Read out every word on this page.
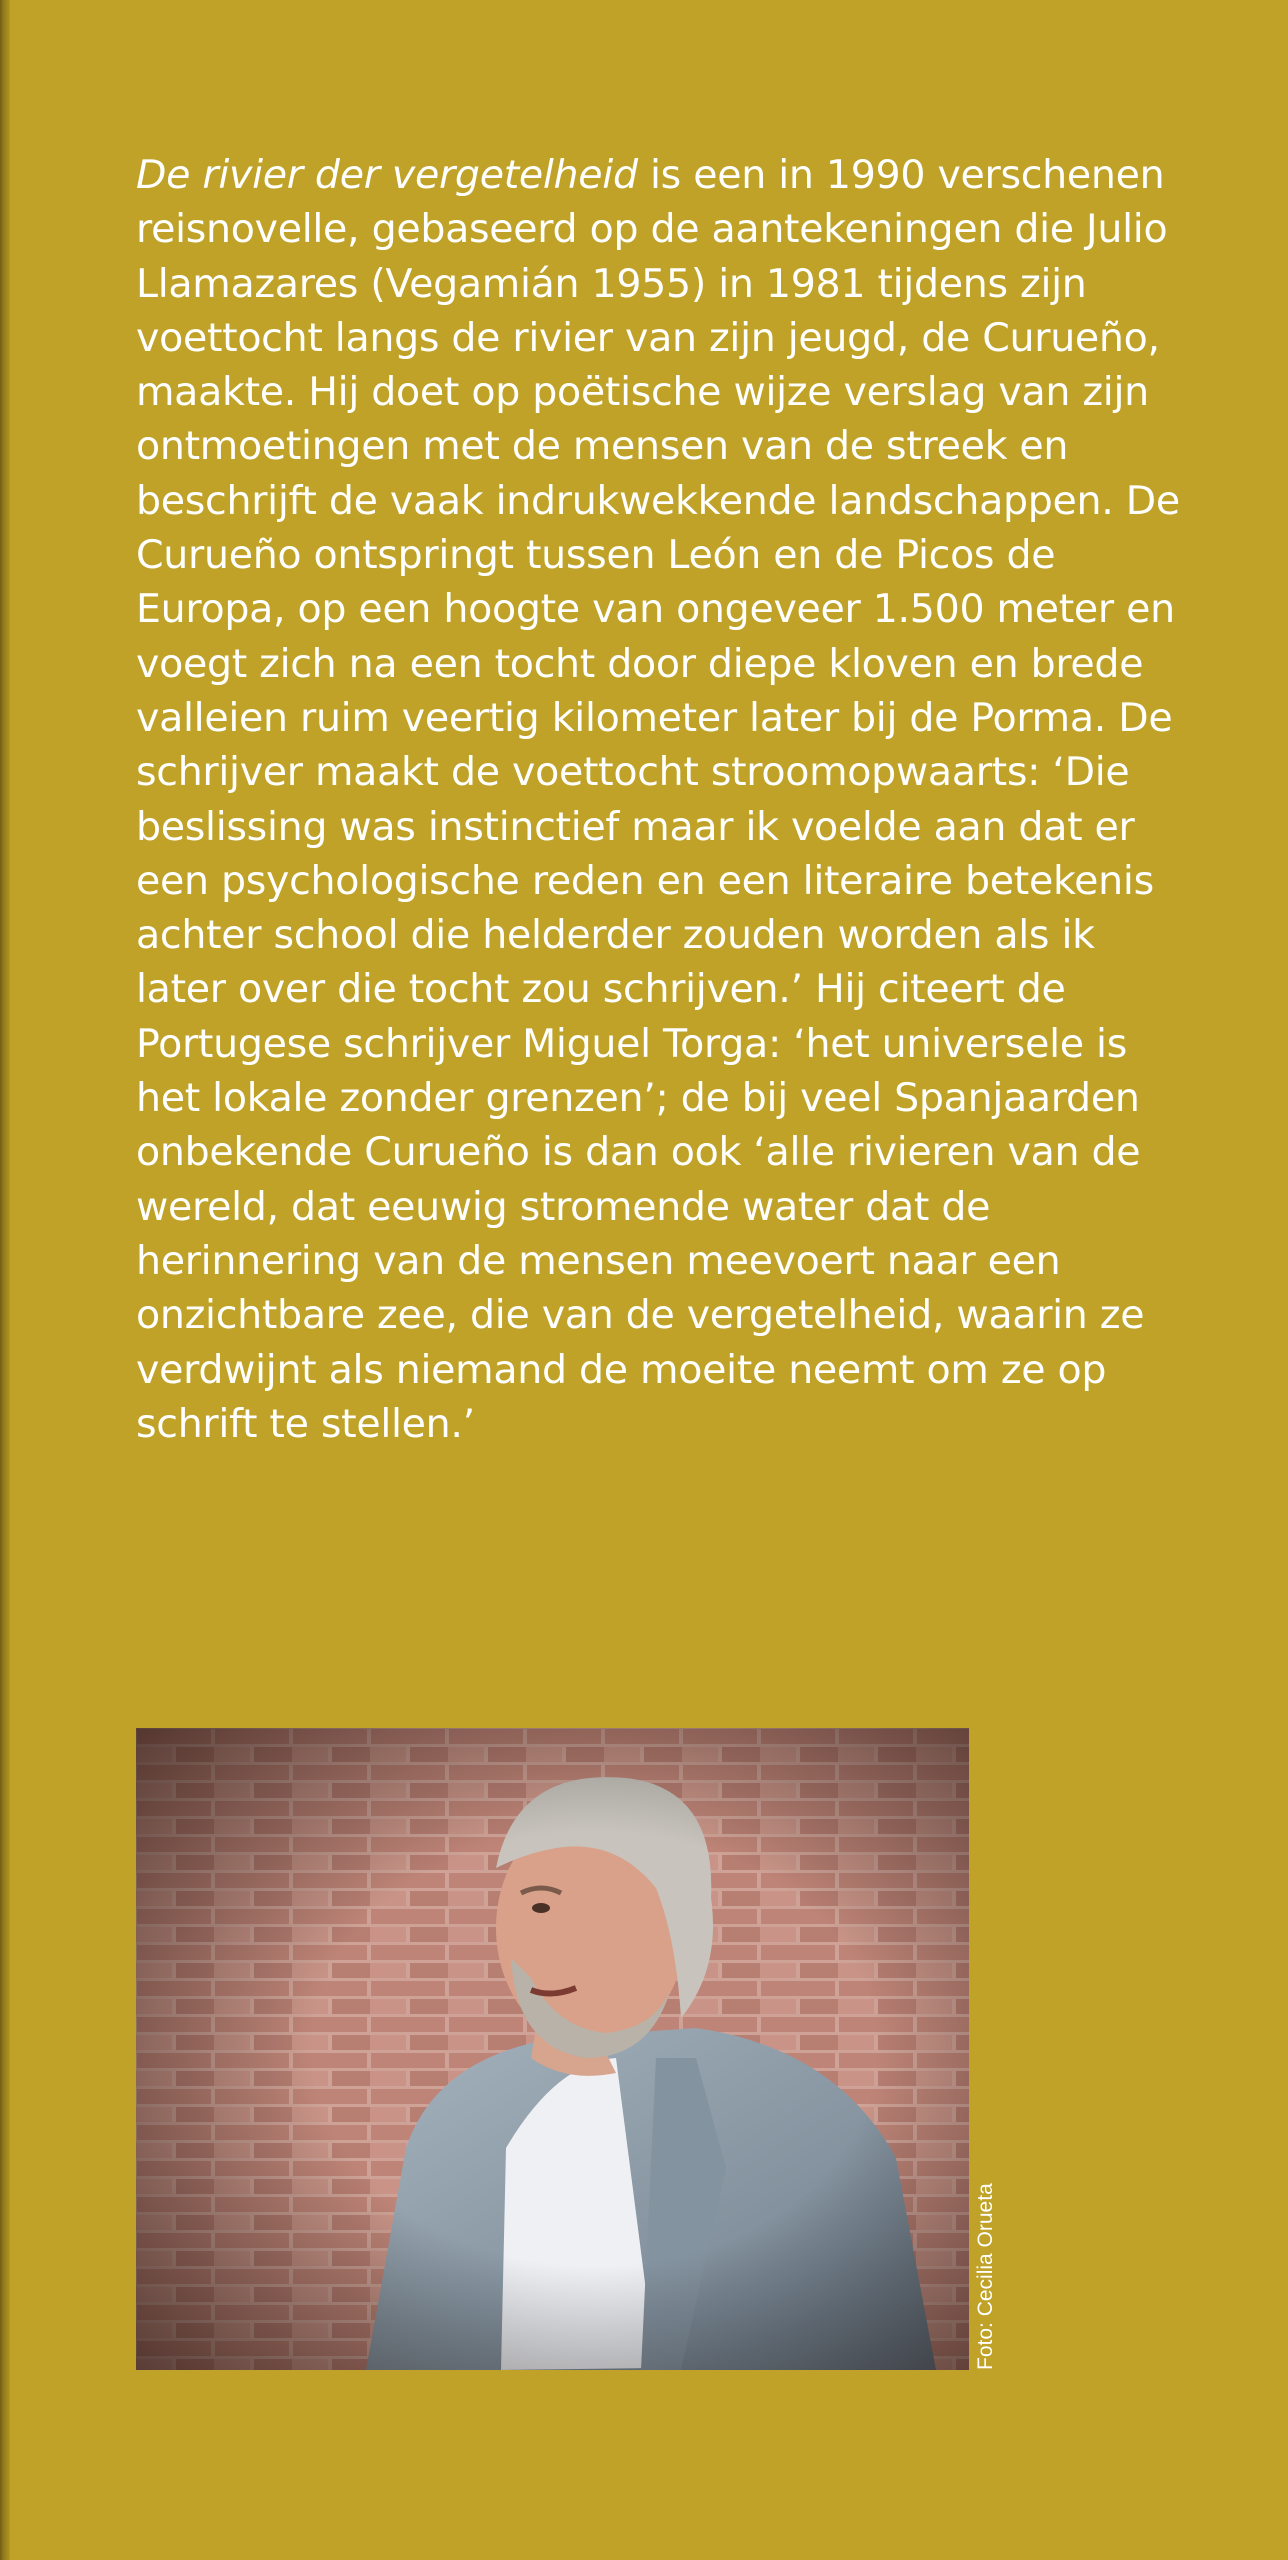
De rivier der vergetelheid is een in 1990 verschenen reisnovelle, gebaseerd op de aantekeningen die Julio Llamazares (Vegamián 1955) in 1981 tijdens zijn voettocht langs de rivier van zijn jeugd, de Curueño, maakte. Hij doet op poëtische wijze verslag van zijn ontmoetingen met de mensen van de streek en beschrijft de vaak indrukwekkende landschappen. De Curueño ontspringt tussen León en de Picos de Europa, op een hoogte van ongeveer 1.500 meter en voegt zich na een tocht door diepe kloven en brede valleien ruim veertig kilometer later bij de Porma. De schrijver maakt de voettocht stroomopwaarts: ‘Die beslissing was instinctief maar ik voelde aan dat er een psychologische reden en een literaire betekenis achter school die helderder zouden worden als ik later over die tocht zou schrijven.’ Hij citeert de Portugese schrijver Miguel Torga: ‘het universele is het lokale zonder grenzen’; de bij veel Spanjaarden onbekende Curueño is dan ook ‘alle rivieren van de wereld, dat eeuwig stromende water dat de herinnering van de mensen meevoert naar een onzichtbare zee, die van de vergetelheid, waarin ze verdwijnt als niemand de moeite neemt om ze op schrift te stellen.’

Foto: Cecilia Orueta
